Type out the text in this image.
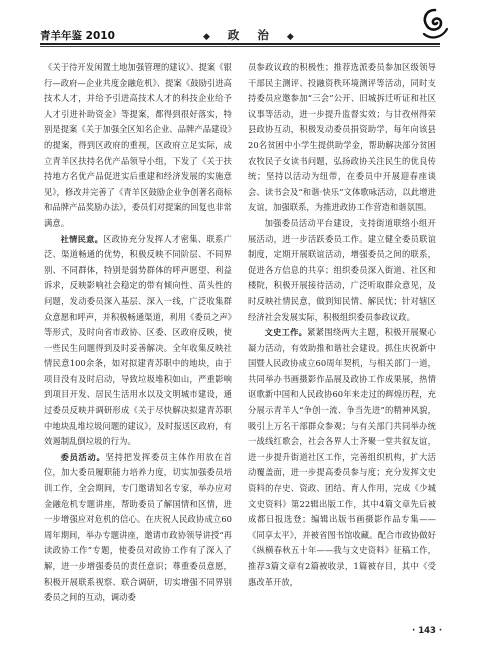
青羊年鉴 2010	◆ 政 治 ◆

《关于待开发闲置土地加强管理的建议》、提案《银行—政府—企业共度金融危机》、提案《鼓励引进高技术人才，并给予引进高技术人才的科技企业给予人才引进补助资金》等提案，都得到很好落实，特别是提案《关于加强全区知名企业、品牌产品建设》的提案，得到区政府的重视，区政府立足实际，成立青羊区扶持名优产品领导小组，下发了《关于扶持地方名优产品促进实后重建和经济发展的实施意见》，修改并完善了《青羊区鼓励企业争创著名商标和品牌产品奖励办法》，委员们对提案的回复也非常满意。

社情民意。区政协充分发挥人才密集、联系广泛、渠道畅通的优势，积极反映不同阶层、不同界别、不同群体，特别是弱势群体的呼声愿望、利益诉求，反映影响社会稳定的带有倾向性、苗头性的问题，发动委员深入基层、深入一线，广泛收集群众意愿和呼声，并积极畅通渠道，利用《委员之声》等形式，及时向省市政协、区委、区政府反映，使一些民生问题得到及时妥善解决。全年收集反映社情民意100余条，如对拟建青苏职中的地块，由于项目没有及时启动，导致垃圾堆积如山，严重影响到项目开发、居民生活用水以及文明城市建设，通过委员反映并调研形成《关于尽快解决拟建青苏职中地块乱堆垃圾问题的建议》，及时报送区政府，有效遏制乱倒垃圾的行为。

委员活动。坚持把发挥委员主体作用放在首位，加大委员履职能力培养力度，切实加强委员培训工作，全会期间，专门邀请知名专家，举办应对金融危机专题讲座，帮助委员了解国情和区情，进一步增强应对危机的信心。在庆祝人民政协成立60周年期间，举办专题讲座，邀请市政协领导讲授“再读政协工作”专题，使委员对政协工作有了深入了解，进一步增强委员的责任意识；尊重委员意愿，积极开展联系视察、联合调研，切实增强不同界别委员之间的互动，调动委

员参政议政的积极性；推荐选派委员参加区级领导干部民主测评、投融资秩环境测评等活动，同时支持委员应邀参加“三会”公开、旧城拆迁听证和社区议事等活动，进一步提升监督实效；与甘孜州得荣县政协互动，积极发动委员捐资助学，每年向该县20名贫困中小学生提供助学金，帮助解决部分贫困农牧民子女读书问题，弘扬政协关注民生的优良传统；坚持以活动为纽带，在委员中开展迎春座谈会、读书会及“和谐·快乐”文体歌咏活动，以此增进友谊，加强联系，为推进政协工作营造和谐氛围。

加强委员活动平台建设，支持街道联络小组开展活动，进一步活跃委员工作。建立健全委员联谊制度，定期开展联谊活动，增强委员之间的联系，促进各方信息的共享；组织委员深入街道、社区和楼院，积极开展接待活动，广泛听取群众意见，及时反映社情民意，做到知民情、解民忧；针对辖区经济社会发展实际，积极组织委员参政议政。

文史工作。紧紧围绕两大主题，积极开展聚心凝力活动，有效助推和谐社会建设。抓住庆祝新中国暨人民政协成立60周年契机，与相关部门一道，共同举办书画摄影作品展及政协工作成果展，热情讴歌新中国和人民政协60年来走过的辉煌历程，充分展示青羊人“争创一流、争当先进”的精神风貌，吸引上万名干部群众参观；与有关部门共同举办统一战线红歌会，社会各界人士齐聚一堂共叙友谊，进一步提升街道社区工作，完善组织机构，扩大活动覆盖面，进一步提高委员参与度；充分发挥文史资料的存史、资政、团结、育人作用，完成《少城文史资料》第22辑出版工作，其中4篇文章先后被成都日报选登；编辑出版书画摄影作品专集——《同享太平》，并被省图书馆收藏。配合市政协做好《纵横春秋五十年——我与文史资料》征稿工作，推荐3篇文章有2篇被收录，1篇被存目，其中《受惠改革开放，

· 143 ·
